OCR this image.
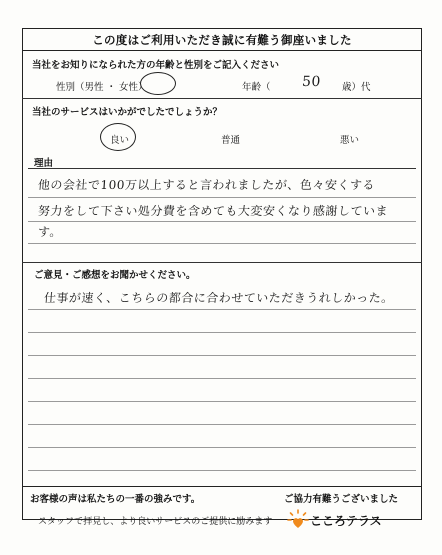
この度はご利用いただき誠に有難う御座いました
当社をお知りになられた方の年齢と性別をご記入ください
性別（男性 ・ 女性）	年齢（ 50 歳）代
当社のサービスはいかがでしたでしょうか？
良い	普通	悪い
理由
他の会社で100万以上すると言われましたが、色々安くする
努力をして下さい処分費を含めても大変安くなり感謝していま
す。
ご意見・ご感想をお聞かせください。
仕事が速く、こちらの都合に合わせていただきうれしかった。
お客様の声は私たちの一番の強みです。	ご協力有難うございました
スタッフで拝見し、より良いサービスのご提供に励みます	こころテラス
